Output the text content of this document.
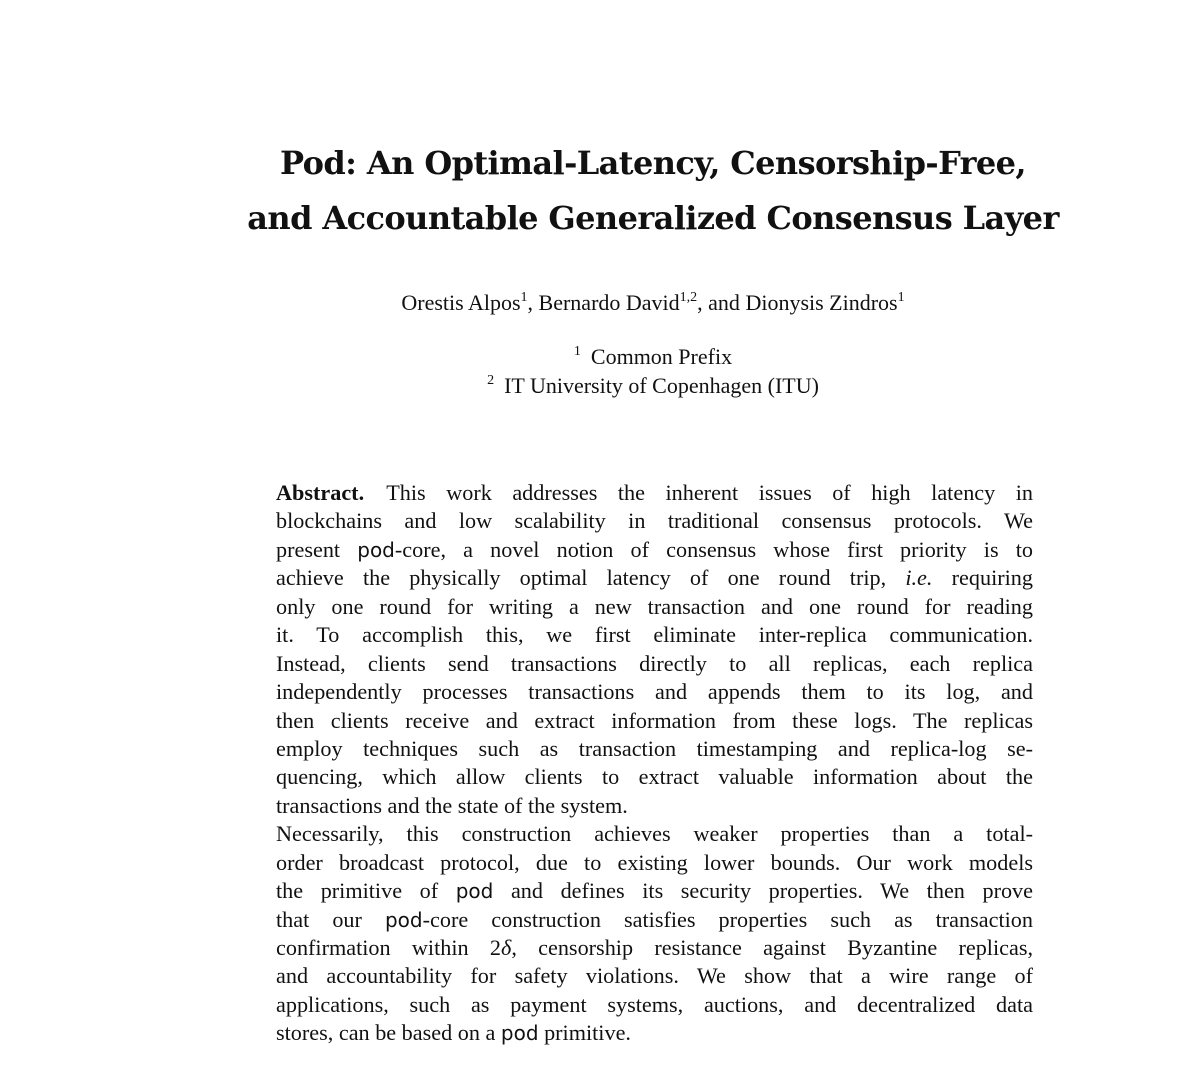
Pod: An Optimal-Latency, Censorship-Free,
and Accountable Generalized Consensus Layer
Orestis Alpos$^1$, Bernardo David$^{1,2}$, and Dionysis Zindros$^1$
$^1$ Common Prefix
$^2$ IT University of Copenhagen (ITU)
Abstract. This work addresses the inherent issues of high latency in
blockchains and low scalability in traditional consensus protocols. We
present pod-core, a novel notion of consensus whose first priority is to
achieve the physically optimal latency of one round trip, i.e. requiring
only one round for writing a new transaction and one round for reading
it. To accomplish this, we first eliminate inter-replica communication.
Instead, clients send transactions directly to all replicas, each replica
independently processes transactions and appends them to its log, and
then clients receive and extract information from these logs. The replicas
employ techniques such as transaction timestamping and replica-log se-
quencing, which allow clients to extract valuable information about the
transactions and the state of the system.
Necessarily, this construction achieves weaker properties than a total-
order broadcast protocol, due to existing lower bounds. Our work models
the primitive of pod and defines its security properties. We then prove
that our pod-core construction satisfies properties such as transaction
confirmation within 2δ, censorship resistance against Byzantine replicas,
and accountability for safety violations. We show that a wire range of
applications, such as payment systems, auctions, and decentralized data
stores, can be based on a pod primitive.
